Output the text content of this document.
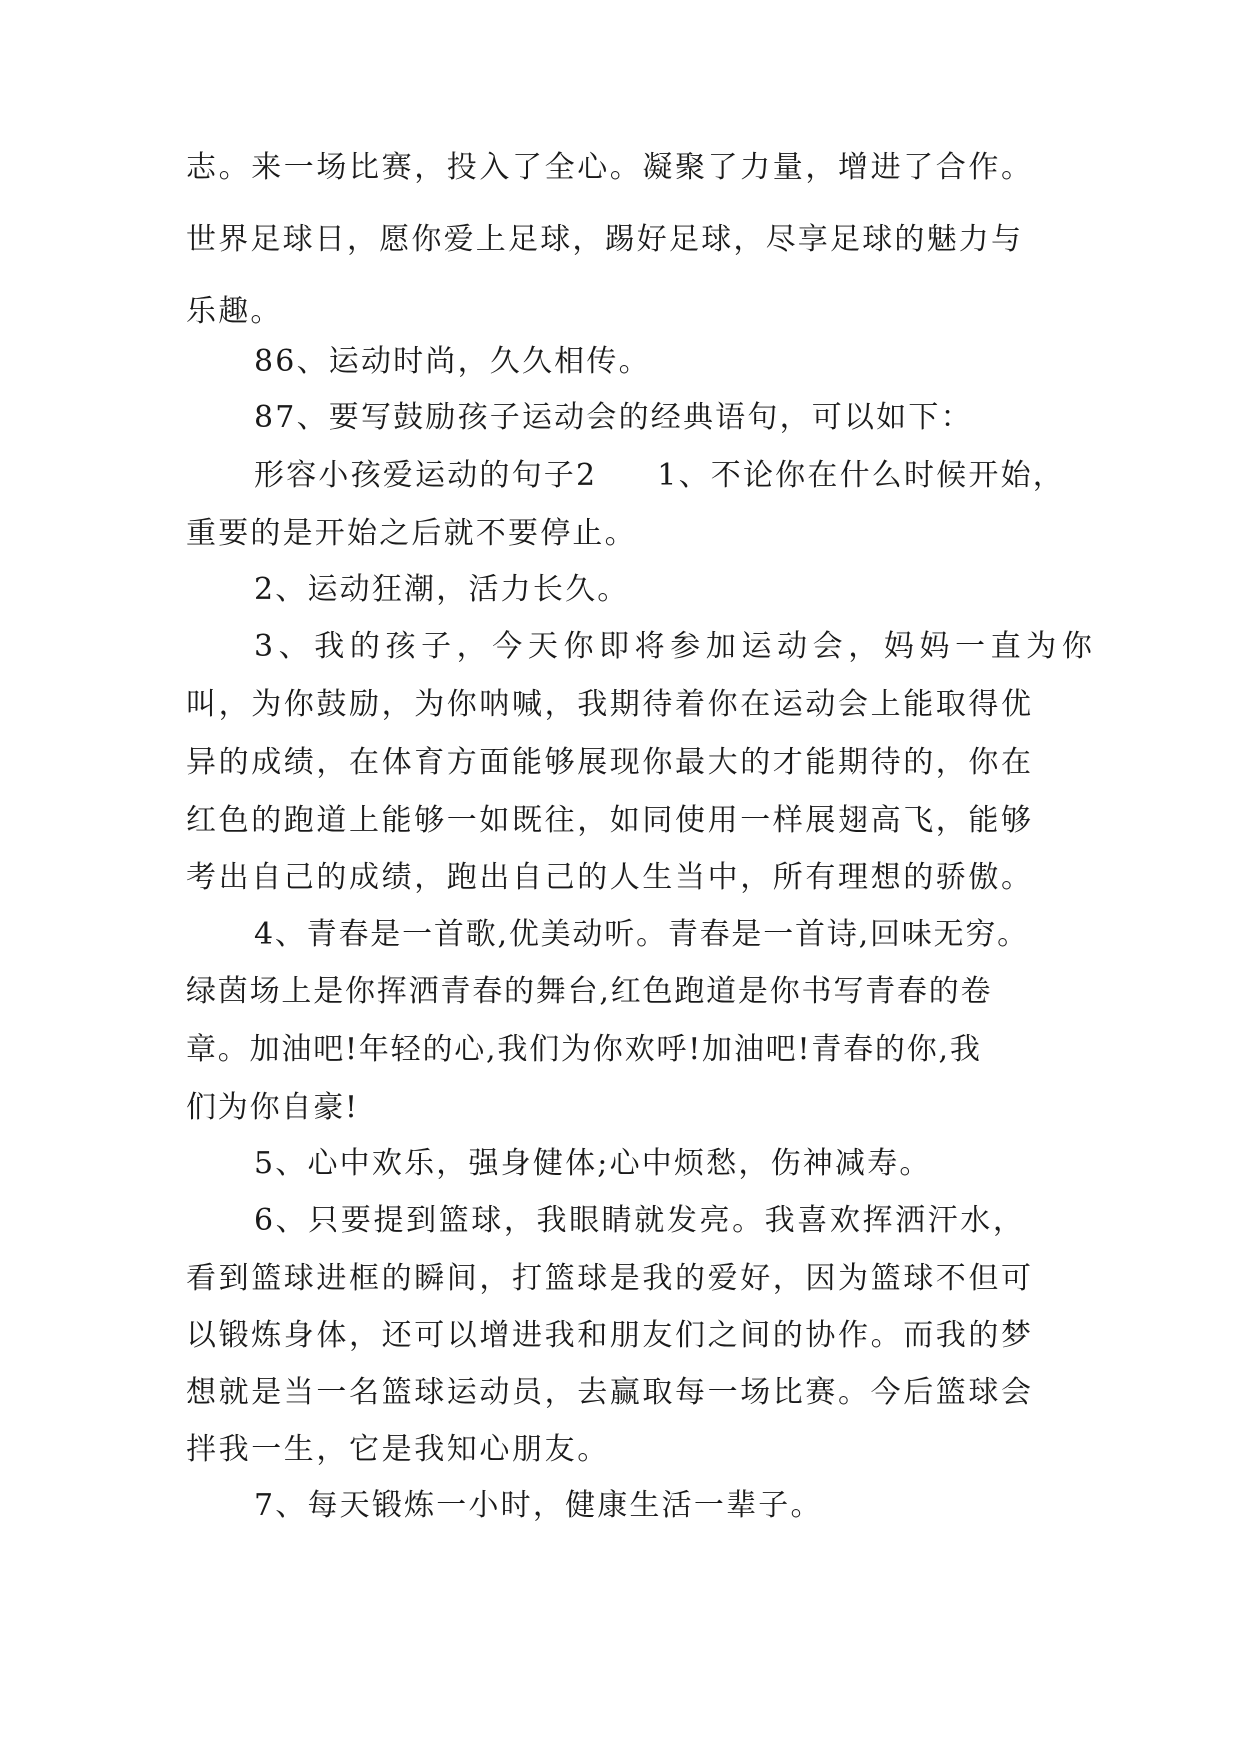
志。来一场比赛，投入了全心。凝聚了力量，增进了合作。
世界足球日，愿你爱上足球，踢好足球，尽享足球的魅力与
乐趣。
86、运动时尚，久久相传。
87、要写鼓励孩子运动会的经典语句，可以如下：
形容小孩爱运动的句子2 1、不论你在什么时候开始，
重要的是开始之后就不要停止。
2、运动狂潮，活力长久。
3、我的孩子，今天你即将参加运动会，妈妈一直为你
叫，为你鼓励，为你呐喊，我期待着你在运动会上能取得优
异的成绩，在体育方面能够展现你最大的才能期待的，你在
红色的跑道上能够一如既往，如同使用一样展翅高飞，能够
考出自己的成绩，跑出自己的人生当中，所有理想的骄傲。
4、青春是一首歌,优美动听。青春是一首诗,回味无穷。
绿茵场上是你挥洒青春的舞台,红色跑道是你书写青春的卷
章。加油吧!年轻的心,我们为你欢呼!加油吧!青春的你,我
们为你自豪!
5、心中欢乐，强身健体;心中烦愁，伤神减寿。
6、只要提到篮球，我眼睛就发亮。我喜欢挥洒汗水，
看到篮球进框的瞬间，打篮球是我的爱好，因为篮球不但可
以锻炼身体，还可以增进我和朋友们之间的协作。而我的梦
想就是当一名篮球运动员，去赢取每一场比赛。今后篮球会
拌我一生，它是我知心朋友。
7、每天锻炼一小时，健康生活一辈子。
